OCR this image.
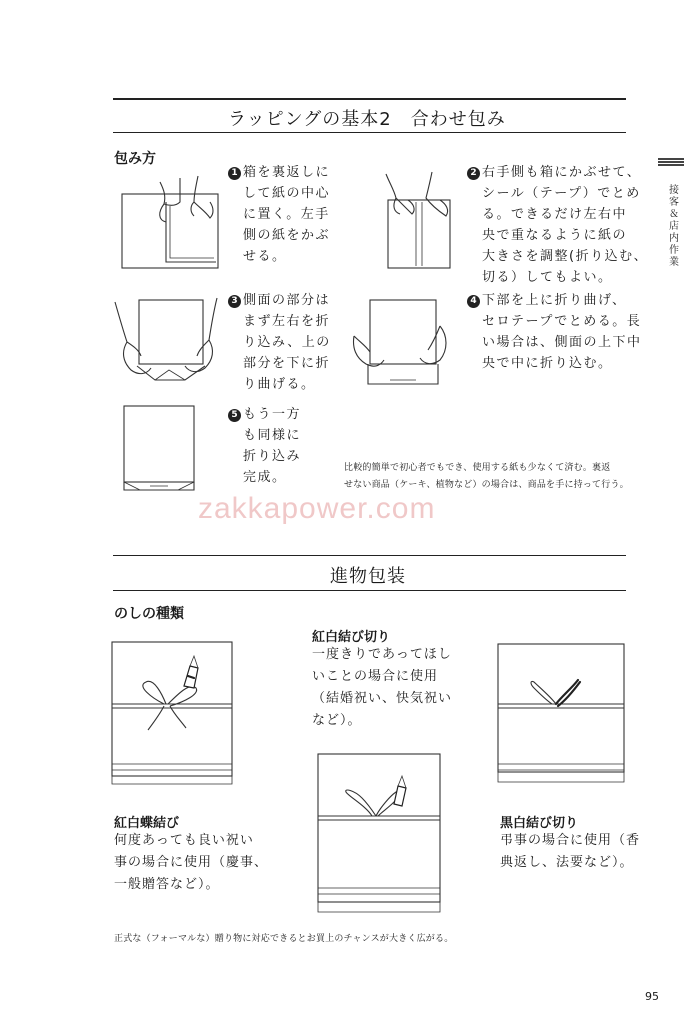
ラッピングの基本2　合わせ包み
包み方
接客＆店内作業
1 箱を裏返しに
して紙の中心
に置く。左手
側の紙をかぶ
せる。
2 右手側も箱にかぶせて、
シール（テープ）でとめ
る。できるだけ左右中
央で重なるように紙の
大きさを調整(折り込む、
切る）してもよい。
3 側面の部分は
まず左右を折
り込み、上の
部分を下に折
り曲げる。
4 下部を上に折り曲げ、
セロテープでとめる。長
い場合は、側面の上下中
央で中に折り込む。
5 もう一方
も同様に
折り込み
完成。
比較的簡単で初心者でもでき、使用する紙も少なくて済む。裏返
せない商品（ケーキ、植物など）の場合は、商品を手に持って行う。
zakkapower.com
進物包装
のしの種類
紅白蝶結び
何度あっても良い祝い
事の場合に使用（慶事、
一般贈答など）。
紅白結び切り
一度きりであってほし
いことの場合に使用
（結婚祝い、快気祝い
など）。
黒白結び切り
弔事の場合に使用（香
典返し、法要など）。
正式な（フォーマルな）贈り物に対応できるとお買上のチャンスが大きく広がる。
95
